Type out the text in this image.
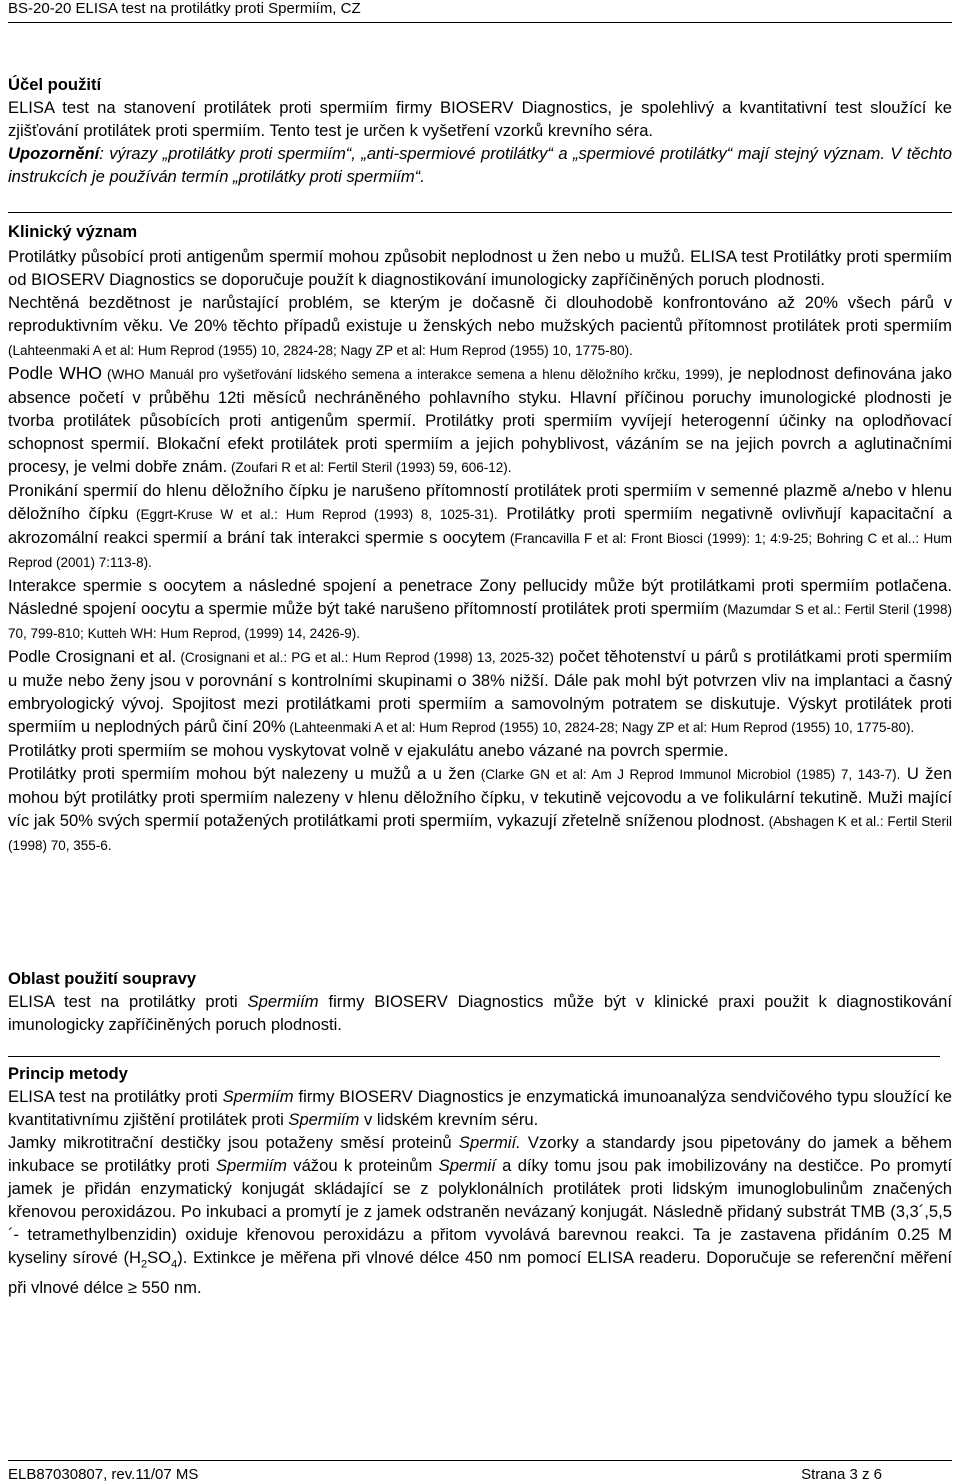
BS-20-20 ELISA test na protilátky proti Spermiím, CZ
Účel použití

ELISA test na stanovení protilátek proti spermiím firmy BIOSERV Diagnostics, je spolehlivý a kvantitativní test sloužící ke zjišťování protilátek proti spermiím. Tento test je určen k vyšetření vzorků krevního séra.

Upozornění: výrazy „protilátky proti spermiím“, „anti-spermiové protilátky“ a „spermiové protilátky“ mají stejný význam. V těchto instrukcích je používán termín „protilátky proti spermiím“.

Klinický význam

Protilátky působící proti antigenům spermií mohou způsobit neplodnost u žen nebo u mužů. ELISA test Protilátky proti spermiím od BIOSERV Diagnostics se doporučuje použít k diagnostikování imunologicky zapříčiněných poruch plodnosti.

Nechtěná bezdětnost je narůstající problém, se kterým je dočasně či dlouhodobě konfrontováno až 20% všech párů v reproduktivním věku. Ve 20% těchto případů existuje u ženských nebo mužských pacientů přítomnost protilátek proti spermiím (Lahteenmaki A et al: Hum Reprod (1955) 10, 2824-28; Nagy ZP et al: Hum Reprod (1955) 10, 1775-80).

Podle WHO (WHO Manuál pro vyšetřování lidského semena a interakce semena a hlenu děložního krčku, 1999), je neplodnost definována jako absence početí v průběhu 12ti měsíců nechráněného pohlavního styku. Hlavní příčinou poruchy imunologické plodnosti je tvorba protilátek působících proti antigenům spermií. Protilátky proti spermiím vyvíjejí heterogenní účinky na oplodňovací schopnost spermií. Blokační efekt protilátek proti spermiím a jejich pohyblivost, vázáním se na jejich povrch a aglutinačními procesy, je velmi dobře znám. (Zoufari R et al: Fertil Steril (1993) 59, 606-12).

Pronikání spermií do hlenu děložního čípku je narušeno přítomností protilátek proti spermiím v semenné plazmě a/nebo v hlenu děložního čípku (Eggrt-Kruse W et al.: Hum Reprod (1993) 8, 1025-31). Protilátky proti spermiím negativně ovlivňují kapacitační a akrozomální reakci spermií a brání tak interakci spermie s oocytem (Francavilla F et al: Front Biosci (1999): 1; 4:9-25; Bohring C et al..: Hum Reprod (2001) 7:113-8).

Interakce spermie s oocytem a následné spojení a penetrace Zony pellucidy může být protilátkami proti spermiím potlačena. Následné spojení oocytu a spermie může být také narušeno přítomností protilátek proti spermiím (Mazumdar S et al.: Fertil Steril (1998) 70, 799-810; Kutteh WH: Hum Reprod, (1999) 14, 2426-9).

Podle Crosignani et al. (Crosignani et al.: PG et al.: Hum Reprod (1998) 13, 2025-32) počet těhotenství u párů s protilátkami proti spermiím u muže nebo ženy jsou v porovnání s kontrolními skupinami o 38% nižší. Dále pak mohl být potvrzen vliv na implantaci a časný embryologický vývoj. Spojitost mezi protilátkami proti spermiím a samovolným potratem se diskutuje. Výskyt protilátek proti spermiím u neplodných párů činí 20% (Lahteenmaki A et al: Hum Reprod (1955) 10, 2824-28; Nagy ZP et al: Hum Reprod (1955) 10, 1775-80).

Protilátky proti spermiím se mohou vyskytovat volně v ejakulátu anebo vázané na povrch spermie.

Protilátky proti spermiím mohou být nalezeny u mužů a u žen (Clarke GN et al: Am J Reprod Immunol Microbiol (1985) 7, 143-7). U žen mohou být protilátky proti spermiím nalezeny v hlenu děložního čípku, v tekutině vejcovodu a ve folikulární tekutině. Muži mající víc jak 50% svých spermií potažených protilátkami proti spermiím, vykazují zřetelně sníženou plodnost. (Abshagen K et al.: Fertil Steril (1998) 70, 355-6.

Oblast použití soupravy

ELISA test na protilátky proti Spermiím firmy BIOSERV Diagnostics může být v klinické praxi použit k diagnostikování imunologicky zapříčiněných poruch plodnosti.

Princip metody

ELISA test na protilátky proti Spermiím firmy BIOSERV Diagnostics je enzymatická imunoanalýza sendvičového typu sloužící ke kvantitativnímu zjištění protilátek proti Spermiím v lidském krevním séru.

Jamky mikrotitrační destičky jsou potaženy směsí proteinů Spermií. Vzorky a standardy jsou pipetovány do jamek a během inkubace se protilátky proti Spermiím vážou k proteinům Spermií a díky tomu jsou pak imobilizovány na destičce. Po promytí jamek je přidán enzymatický konjugát skládající se z polyklonálních protilátek proti lidským imunoglobulinům značených křenovou peroxidázou. Po inkubaci a promytí je z jamek odstraněn nevázaný konjugát. Následně přidaný substrát TMB (3,3´,5,5´- tetramethylbenzidin) oxiduje křenovou peroxidázu a přitom vyvolává barevnou reakci. Ta je zastavena přidáním 0.25 M kyseliny sírové $(H_2SO_4)$. Extinkce je měřena při vlnové délce 450 nm pomocí ELISA readeru. Doporučuje se referenční měření při vlnové délce ≥ 550 nm.

ELB87030807, rev.11/07 MS	Strana 3 z 6
